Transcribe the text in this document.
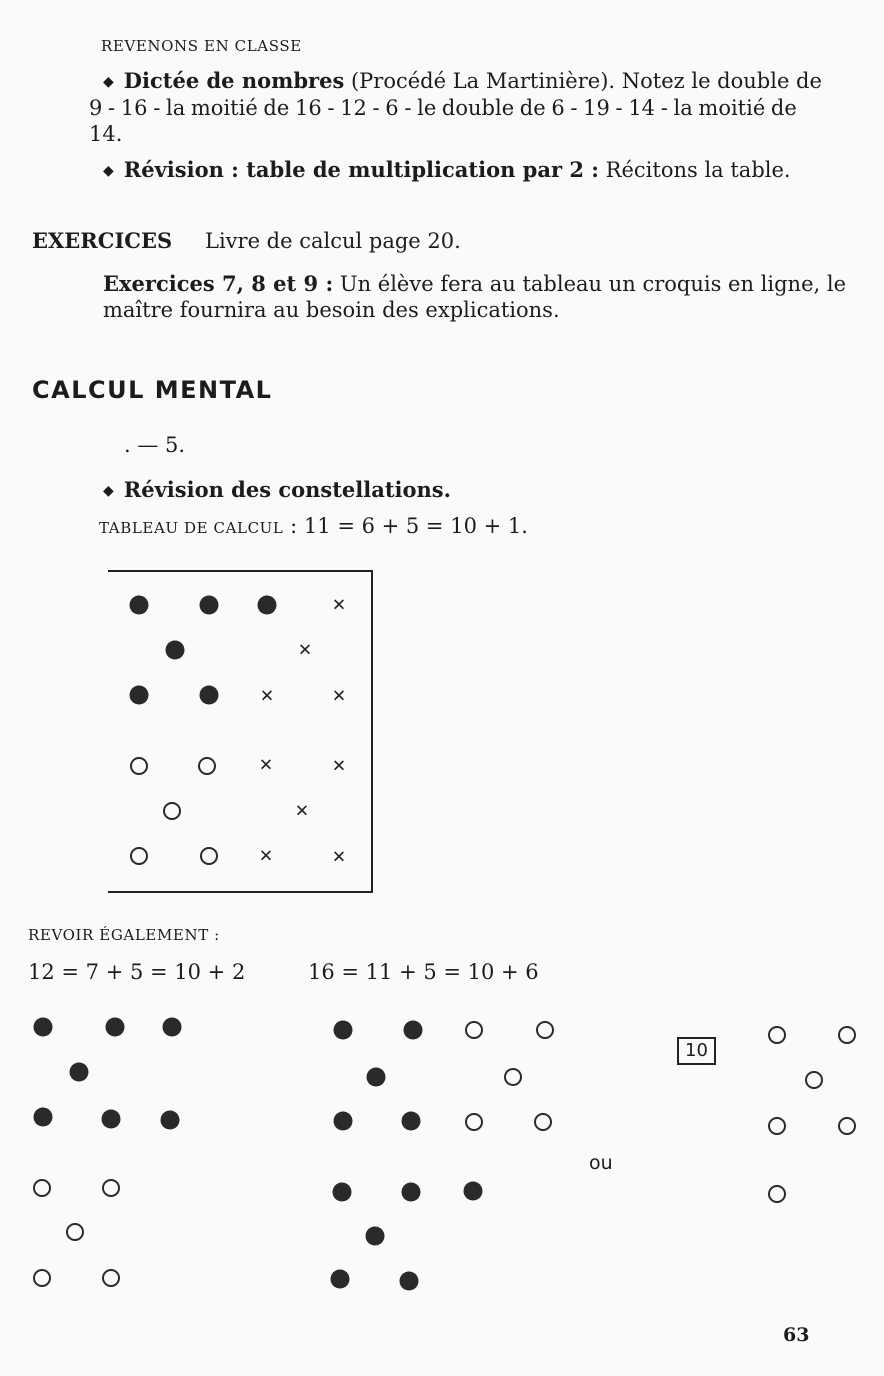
REVENONS EN CLASSE
◆ Dictée de nombres (Procédé La Martinière). Notez le double de
9 - 16 - la moitié de 16 - 12 - 6 - le double de 6 - 19 - 14 - la moitié de
14.
◆ Révision : table de multiplication par 2 : Récitons la table.
EXERCICES Livre de calcul page 20.
Exercices 7, 8 et 9 : Un élève fera au tableau un croquis en ligne, le
maître fournira au besoin des explications.
CALCUL MENTAL
. — 5.
◆ Révision des constellations.
TABLEAU DE CALCUL : 11 = 6 + 5 = 10 + 1.
✕
✕
✕	✕
✕	✕
✕
✕	✕
REVOIR ÉGALEMENT :
12 = 7 + 5 = 10 + 2	16 = 11 + 5 = 10 + 6
ou
10
63
